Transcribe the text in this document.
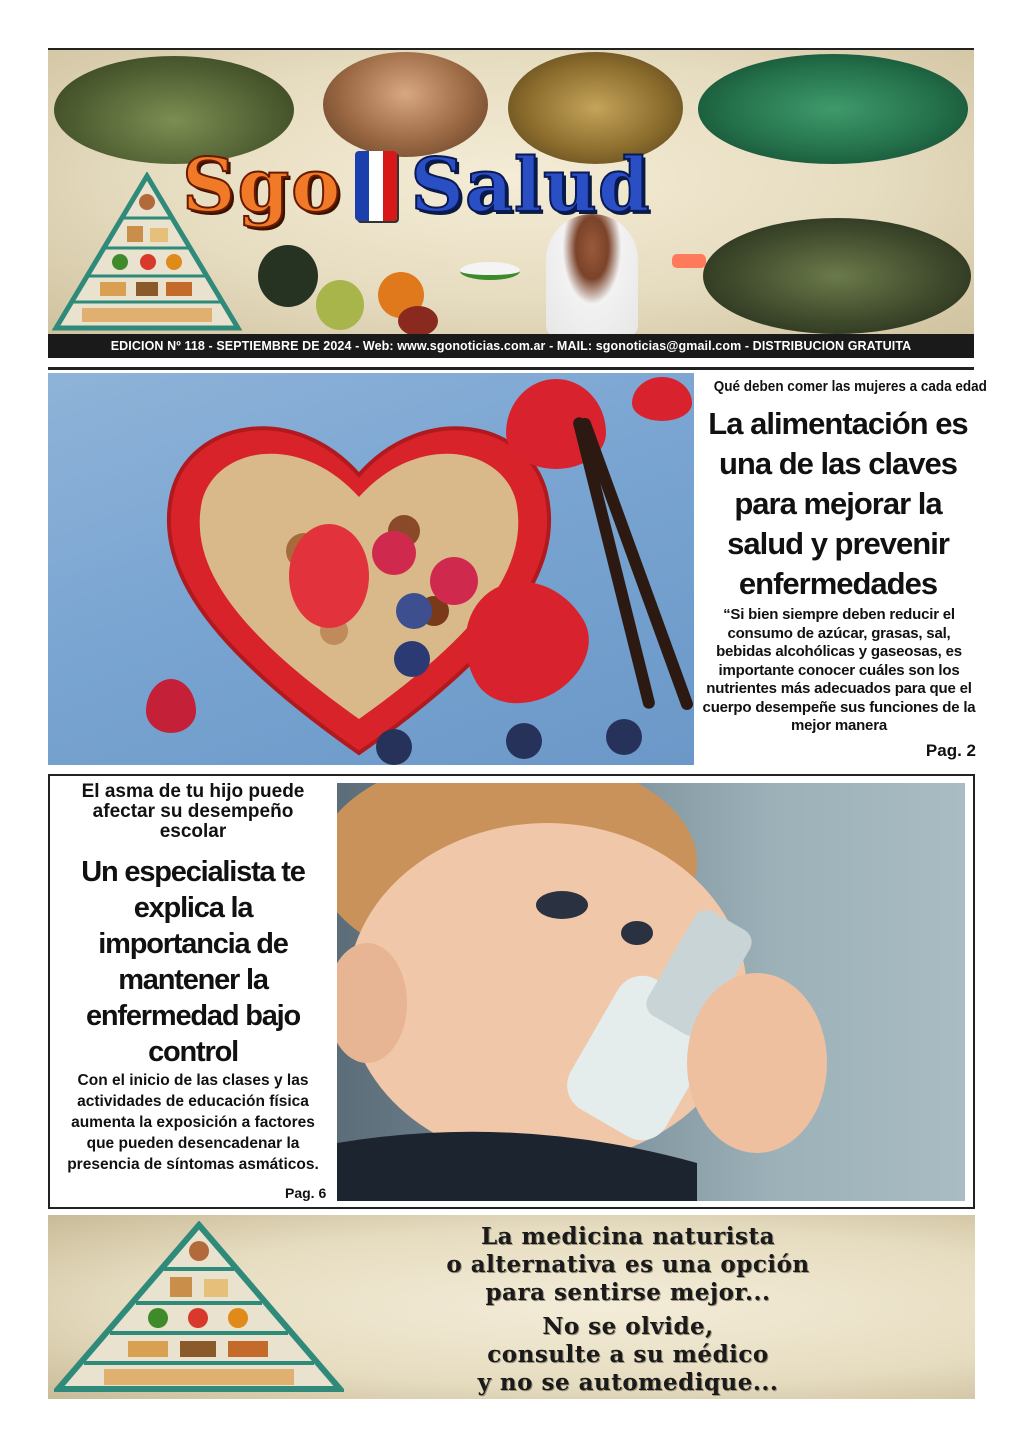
Sgo Salud
EDICION Nº 118 - SEPTIEMBRE DE 2024 - Web: www.sgonoticias.com.ar - MAIL: sgonoticias@gmail.com - DISTRIBUCION GRATUITA
Qué deben comer las mujeres a cada edad
La alimentación es una de las claves para mejorar la salud y prevenir enfermedades

“Si bien siempre deben reducir el consumo de azúcar, grasas, sal, bebidas alcohólicas y gaseosas, es importante conocer cuáles son los nutrientes más adecuados para que el cuerpo desempeñe sus funciones de la mejor manera

Pag. 2
El asma de tu hijo puede afectar su desempeño escolar
Un especialista te explica la importancia de mantener la enfermedad bajo control

Con el inicio de las clases y las actividades de educación física aumenta la exposición a factores que pueden desencadenar la presencia de síntomas asmáticos.

Pag. 6
La medicina naturista
o alternativa es una opción
para sentirse mejor...
No se olvide,
consulte a su médico
y no se automedique...
